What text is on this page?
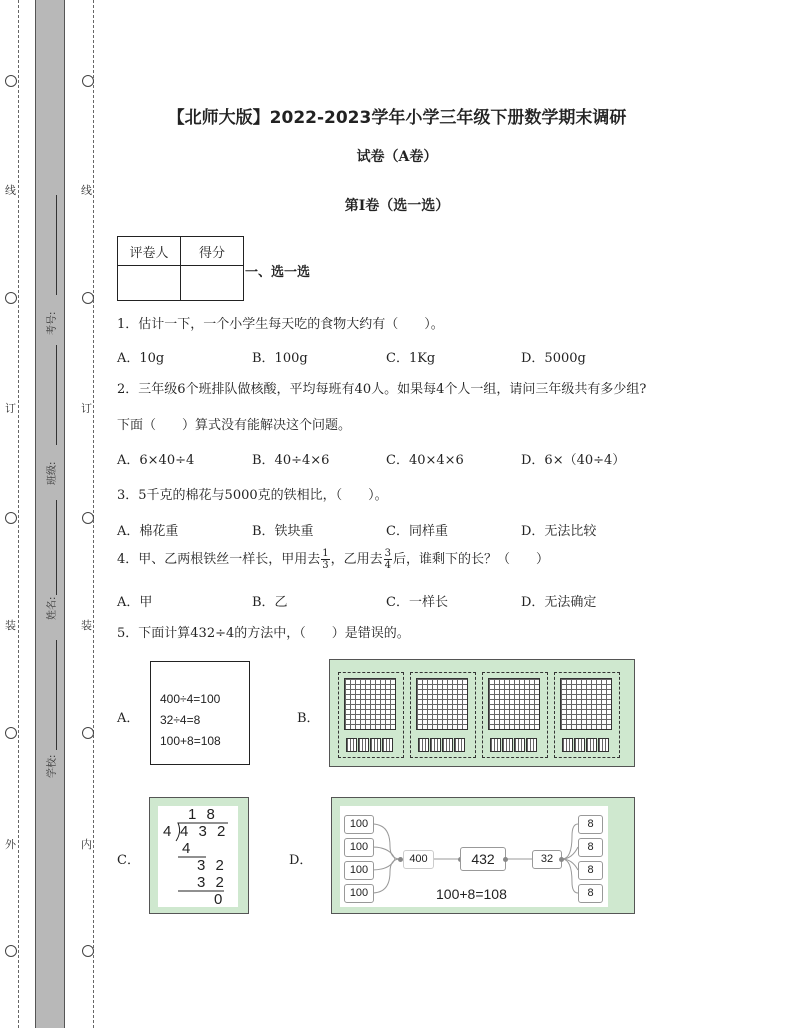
线
订
装
外
线
订
装
内
考号:
班级:
姓名:
学校:
【北师大版】2022-2023学年小学三年级下册数学期末调研
试卷（A卷）
第I卷（选一选）
评卷人	得分

一、选一选
1．估计一下，一个小学生每天吃的食物大约有（　　）。
A．10g	B．100g	C．1Kg	D．5000g
2．三年级6个班排队做核酸，平均每班有40人。如果每4个人一组，请问三年级共有多少组?
下面（　　）算式没有能解决这个问题。
A．6×40÷4	B．40÷4×6	C．40×4×6	D．6×（40÷4）
3．5千克的棉花与5000克的铁相比，（　　）。
A．棉花重	B．铁块重	C．同样重	D．无法比较
4．甲、乙两根铁丝一样长，甲用去 $\frac{1}{3}$ ，乙用去 $\frac{3}{4}$ 后，谁剩下的长？（　　）
A．甲	B．乙	C．一样长	D．无法确定
5．下面计算432÷4的方法中，（　　）是错误的。
A．	B．
C．	D．
400÷4=100
32÷4=8
100+8=108
1 8
4 4 3 2
4
3 2
3 2
0
100
100
100
100
400	432	32
8
8
8
8
100+8=108
